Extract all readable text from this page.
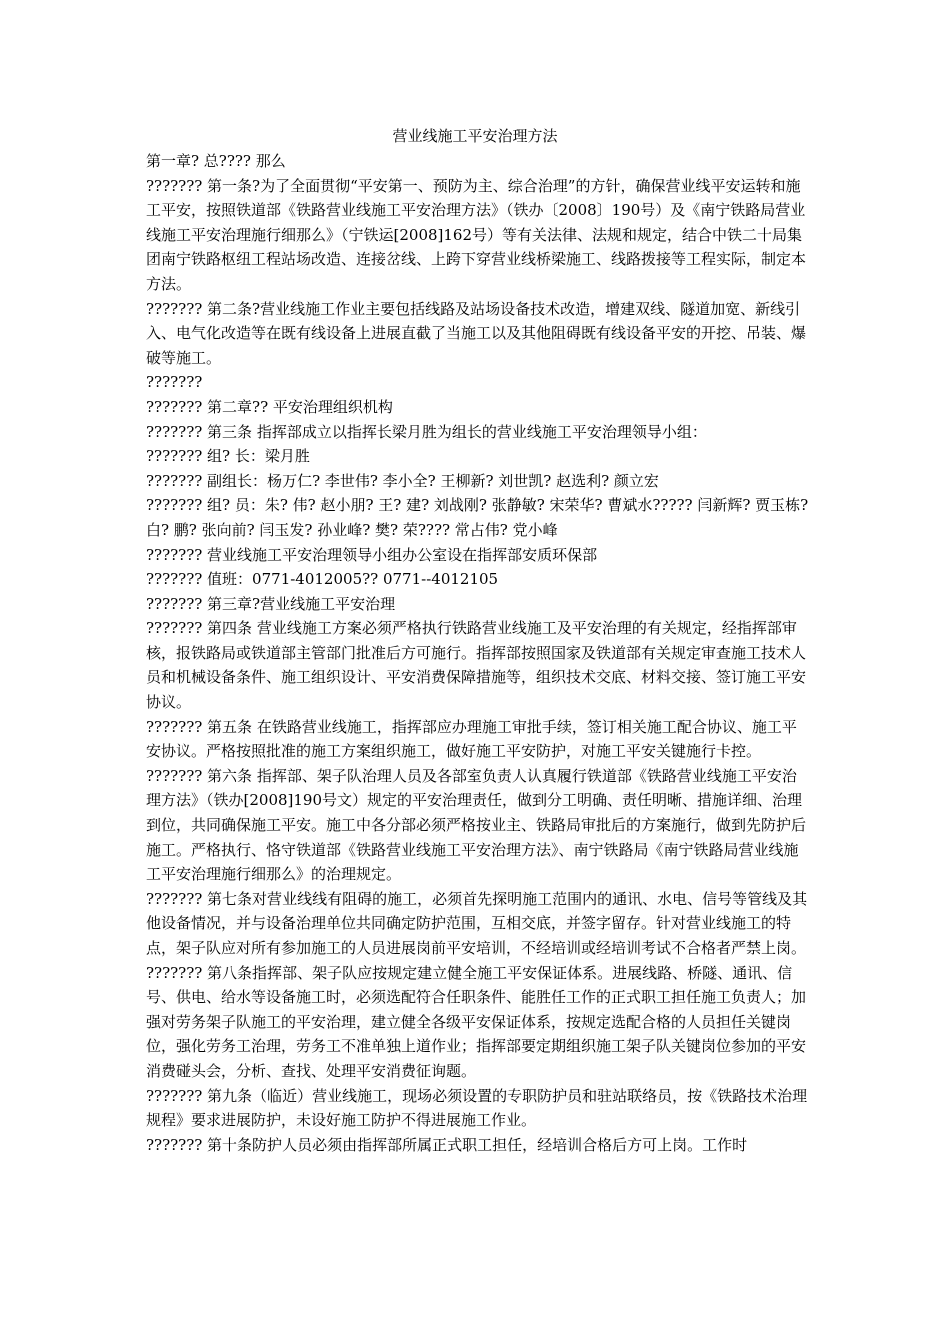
营业线施工平安治理方法

第一章? 总???? 那么

??????? 第一条?为了全面贯彻“平安第一、预防为主、综合治理”的方针，确保营业线平安运转和施工平安，按照铁道部《铁路营业线施工平安治理方法》（铁办〔2008〕190号）及《南宁铁路局营业线施工平安治理施行细那么》（宁铁运[2008]162号）等有关法律、法规和规定，结合中铁二十局集团南宁铁路枢纽工程站场改造、连接岔线、上跨下穿营业线桥梁施工、线路拨接等工程实际，制定本方法。

??????? 第二条?营业线施工作业主要包括线路及站场设备技术改造，增建双线、隧道加宽、新线引入、电气化改造等在既有线设备上进展直截了当施工以及其他阻碍既有线设备平安的开挖、吊装、爆破等施工。

???????

??????? 第二章?? 平安治理组织机构

??????? 第三条 指挥部成立以指挥长梁月胜为组长的营业线施工平安治理领导小组：

??????? 组? 长：梁月胜

??????? 副组长：杨万仁? 李世伟? 李小全? 王柳新? 刘世凯? 赵选利? 颜立宏

??????? 组? 员：朱? 伟? 赵小朋? 王? 建? 刘战刚? 张静敏? 宋荣华? 曹斌水????? 闫新辉? 贾玉栋? 白? 鹏? 张向前? 闫玉发? 孙业峰? 樊? 荣???? 常占伟? 党小峰

??????? 营业线施工平安治理领导小组办公室设在指挥部安质环保部

??????? 值班：0771-4012005?? 0771--4012105

??????? 第三章?营业线施工平安治理

??????? 第四条 营业线施工方案必须严格执行铁路营业线施工及平安治理的有关规定，经指挥部审核，报铁路局或铁道部主管部门批准后方可施行。指挥部按照国家及铁道部有关规定审查施工技术人员和机械设备条件、施工组织设计、平安消费保障措施等，组织技术交底、材料交接、签订施工平安协议。

??????? 第五条 在铁路营业线施工，指挥部应办理施工审批手续，签订相关施工配合协议、施工平安协议。严格按照批准的施工方案组织施工，做好施工平安防护，对施工平安关键施行卡控。

??????? 第六条 指挥部、架子队治理人员及各部室负责人认真履行铁道部《铁路营业线施工平安治理方法》（铁办[2008]190号文）规定的平安治理责任，做到分工明确、责任明晰、措施详细、治理到位，共同确保施工平安。施工中各分部必须严格按业主、铁路局审批后的方案施行，做到先防护后施工。严格执行、恪守铁道部《铁路营业线施工平安治理方法》、南宁铁路局《南宁铁路局营业线施工平安治理施行细那么》的治理规定。

??????? 第七条对营业线线有阻碍的施工，必须首先探明施工范围内的通讯、水电、信号等管线及其他设备情况，并与设备治理单位共同确定防护范围，互相交底，并签字留存。针对营业线施工的特点，架子队应对所有参加施工的人员进展岗前平安培训，不经培训或经培训考试不合格者严禁上岗。

??????? 第八条指挥部、架子队应按规定建立健全施工平安保证体系。进展线路、桥隧、通讯、信号、供电、给水等设备施工时，必须选配符合任职条件、能胜任工作的正式职工担任施工负责人；加强对劳务架子队施工的平安治理，建立健全各级平安保证体系，按规定选配合格的人员担任关键岗位，强化劳务工治理，劳务工不准单独上道作业；指挥部要定期组织施工架子队关键岗位参加的平安消费碰头会，分析、查找、处理平安消费征询题。

??????? 第九条（临近）营业线施工，现场必须设置的专职防护员和驻站联络员，按《铁路技术治理规程》要求进展防护，未设好施工防护不得进展施工作业。

??????? 第十条防护人员必须由指挥部所属正式职工担任，经培训合格后方可上岗。工作时
